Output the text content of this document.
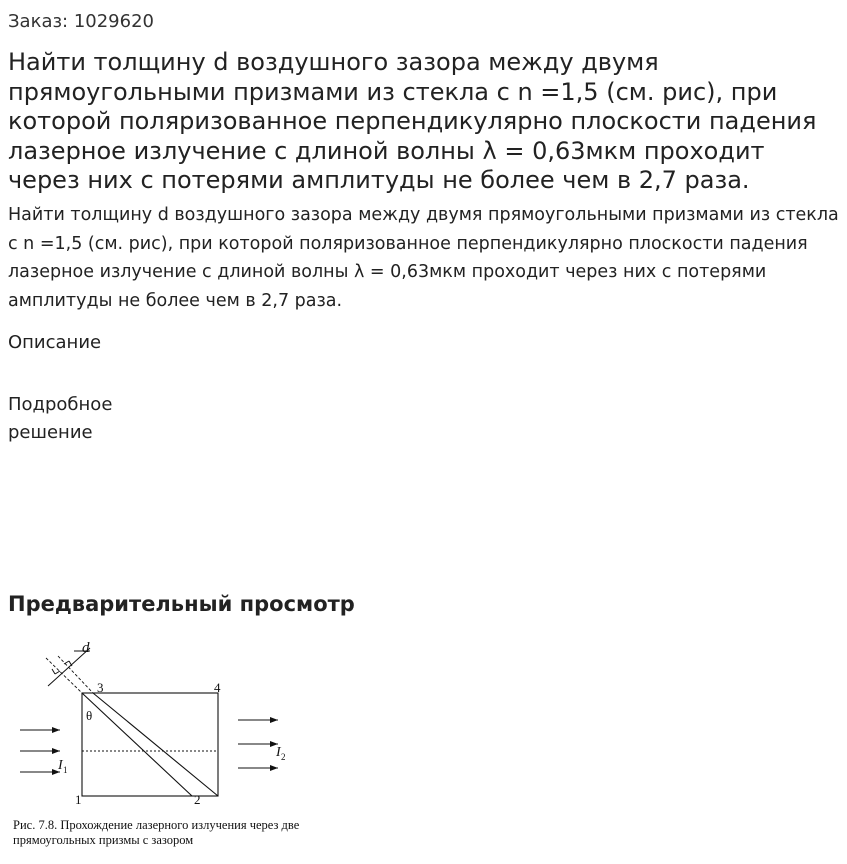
Заказ: 1029620
Найти толщину d воздушного зазора между двумя прямоугольными призмами из стекла с n =1,5 (см. рис), при которой поляризованное перпендикулярно плоскости падения лазерное излучение с длиной волны λ = 0,63мкм проходит через них с потерями амплитуды не более чем в 2,7 раза.
Найти толщину d воздушного зазора между двумя прямоугольными призмами из стекла с n =1,5 (см. рис), при которой поляризованное перпендикулярно плоскости падения лазерное излучение с длиной волны λ = 0,63мкм проходит через них с потерями амплитуды не более чем в 2,7 раза.
Описание
Подробное решение
Предварительный просмотр
d
θ
3	4
1	2
I 1
I 2
Рис. 7.8. Прохождение лазерного излучения через две прямоугольных призмы с зазором
